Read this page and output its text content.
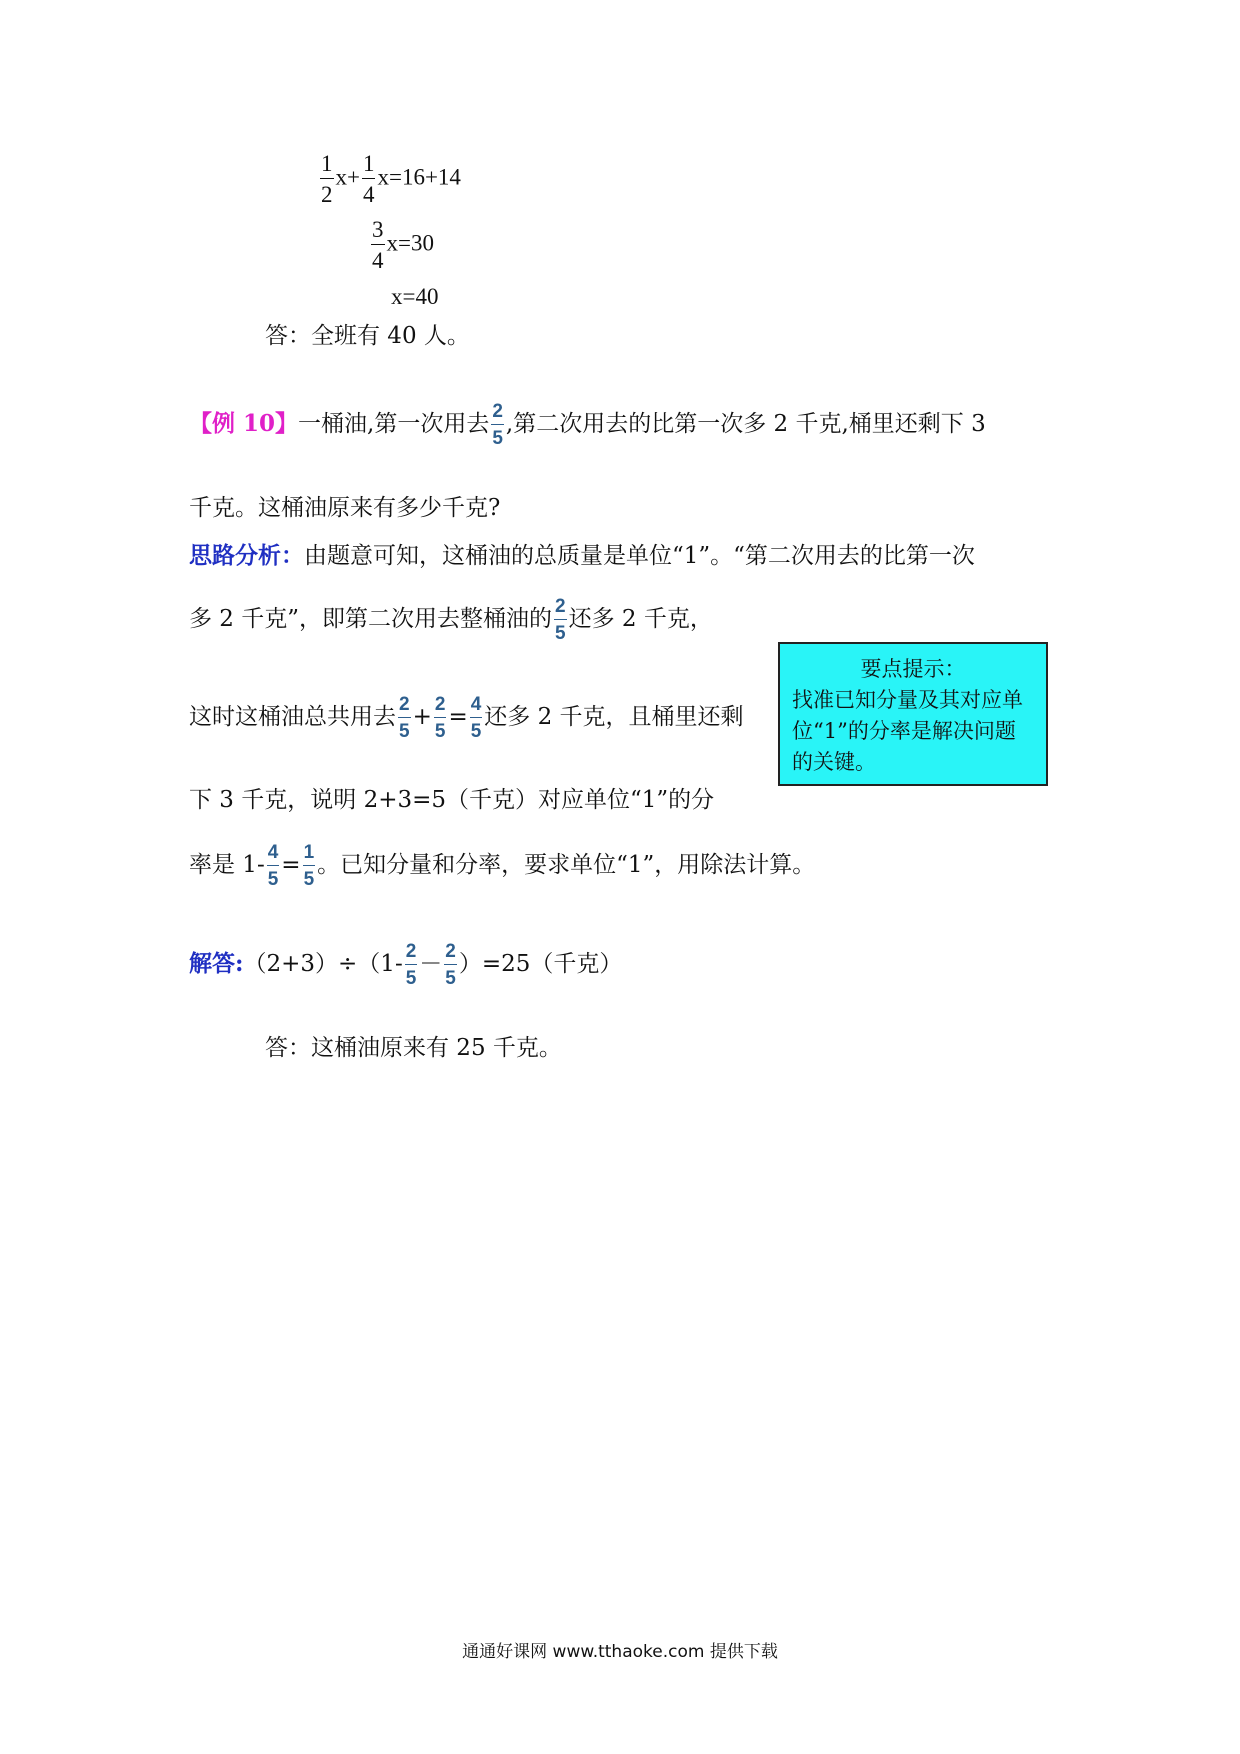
$\frac{1}{2} x+ \frac{1}{4} x=16+14$
$\frac{3}{4} x=30$
x=40
答：全班有 40 人。
【例 10】一桶油,第一次用去 $\frac{2}{5}$ ,第二次用去的比第一次多 2 千克,桶里还剩下 3
千克。这桶油原来有多少千克?
思路分析：由题意可知，这桶油的总质量是单位“1”。“第二次用去的比第一次
多 2 千克”，即第二次用去整桶油的 $\frac{2}{5}$ 还多 2 千克，
这时这桶油总共用去 $\frac{2}{5} + \frac{2}{5} = \frac{4}{5}$ 还多 2 千克，且桶里还剩
下 3 千克，说明 2+3=5（千克）对应单位“1”的分
率是 $1- \frac{4}{5} = \frac{1}{5}$ 。已知分量和分率，要求单位“1”，用除法计算。
要点提示：
找准已知分量及其对应单
位“1”的分率是解决问题
的关键。
解答:（2+3）÷（1- $\frac{2}{5} - \frac{2}{5} )=25$（千克）
答：这桶油原来有 25 千克。
通通好课网 www.tthaoke.com 提供下载
